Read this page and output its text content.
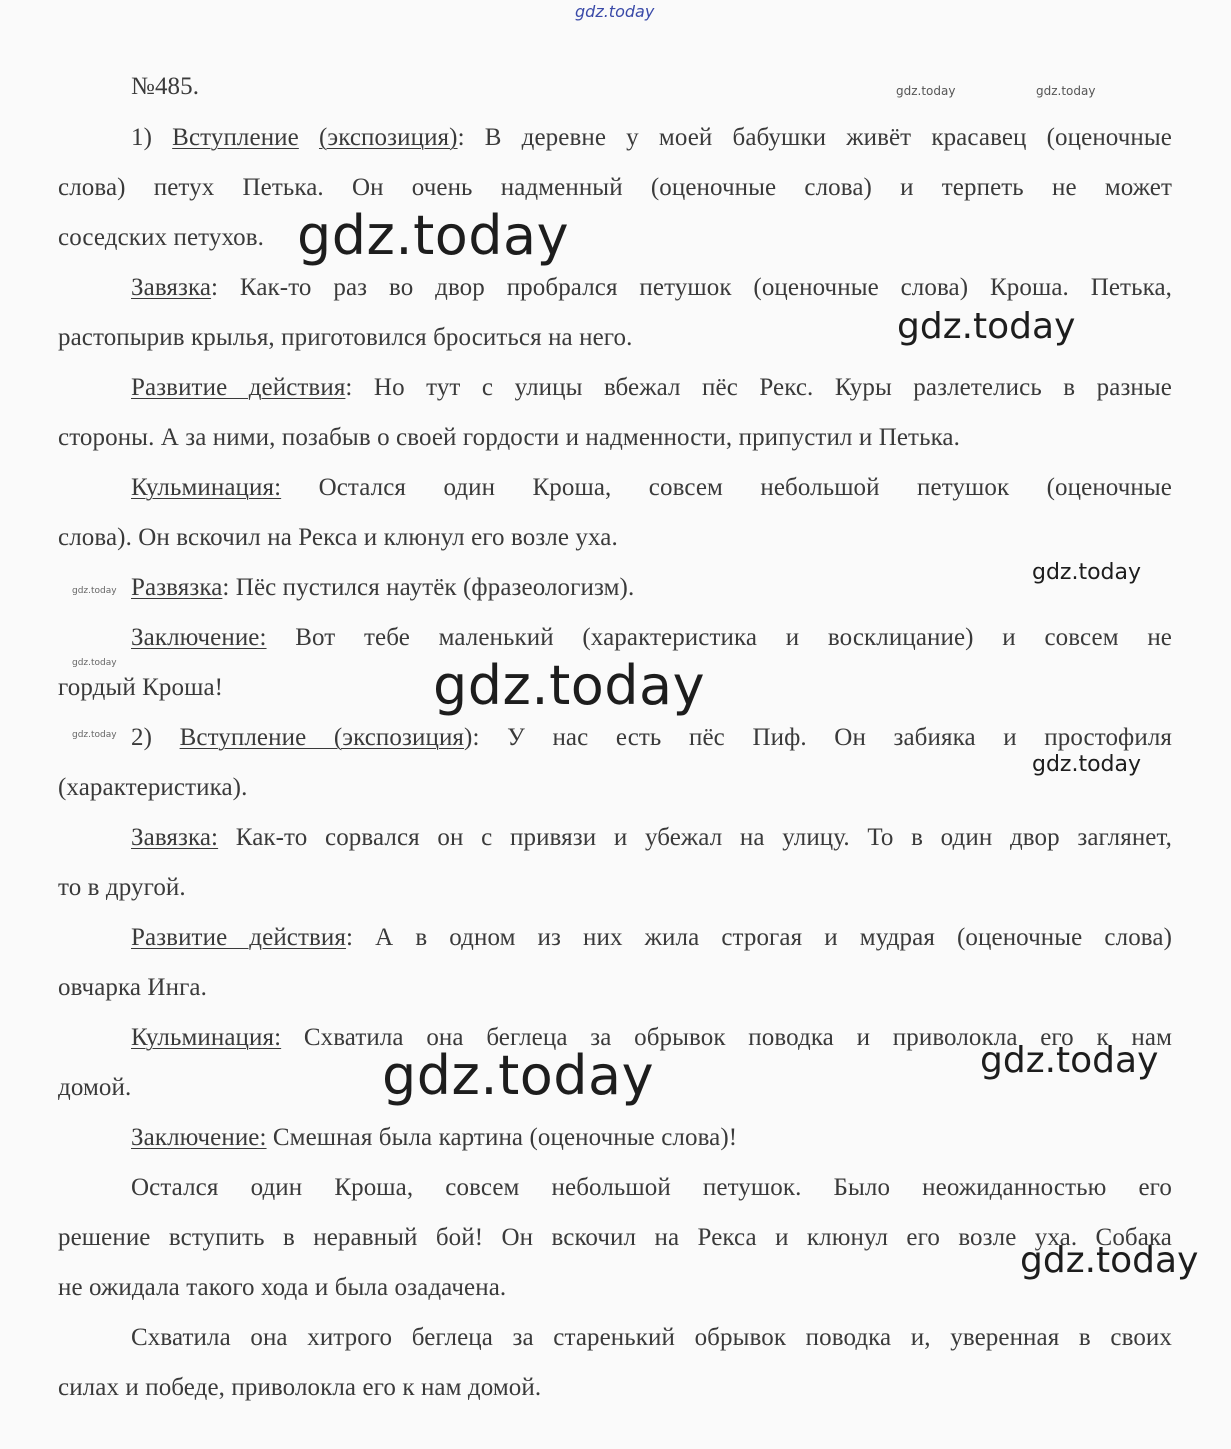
gdz.today
№485.
1) Вступление (экспозиция): В деревне у моей бабушки живёт красавец (оценочные
слова) петух Петька. Он очень надменный (оценочные слова) и терпеть не может
соседских петухов.
Завязка: Как-то раз во двор пробрался петушок (оценочные слова) Кроша. Петька,
растопырив крылья, приготовился броситься на него.
Развитие действия: Но тут с улицы вбежал пёс Рекс. Куры разлетелись в разные
стороны. А за ними, позабыв о своей гордости и надменности, припустил и Петька.
Кульминация: Остался один Кроша, совсем небольшой петушок (оценочные
слова). Он вскочил на Рекса и клюнул его возле уха.
Развязка: Пёс пустился наутёк (фразеологизм).
Заключение: Вот тебе маленький (характеристика и восклицание) и совсем не
гордый Кроша!
2) Вступление (экспозиция): У нас есть пёс Пиф. Он забияка и простофиля
(характеристика).
Завязка: Как-то сорвался он с привязи и убежал на улицу. То в один двор заглянет,
то в другой.
Развитие действия: А в одном из них жила строгая и мудрая (оценочные слова)
овчарка Инга.
Кульминация: Схватила она беглеца за обрывок поводка и приволокла его к нам
домой.
Заключение: Смешная была картина (оценочные слова)!
Остался один Кроша, совсем небольшой петушок. Было неожиданностью его
решение вступить в неравный бой! Он вскочил на Рекса и клюнул его возле уха. Собака
не ожидала такого хода и была озадачена.
Схватила она хитрого беглеца за старенький обрывок поводка и, уверенная в своих
силах и победе, приволокла его к нам домой.
gdz.today	gdz.today
gdz.today
gdz.today
gdz.today
gdz.today
gdz.today
gdz.today
gdz.today
gdz.today
gdz.today
gdz.today
gdz.today
